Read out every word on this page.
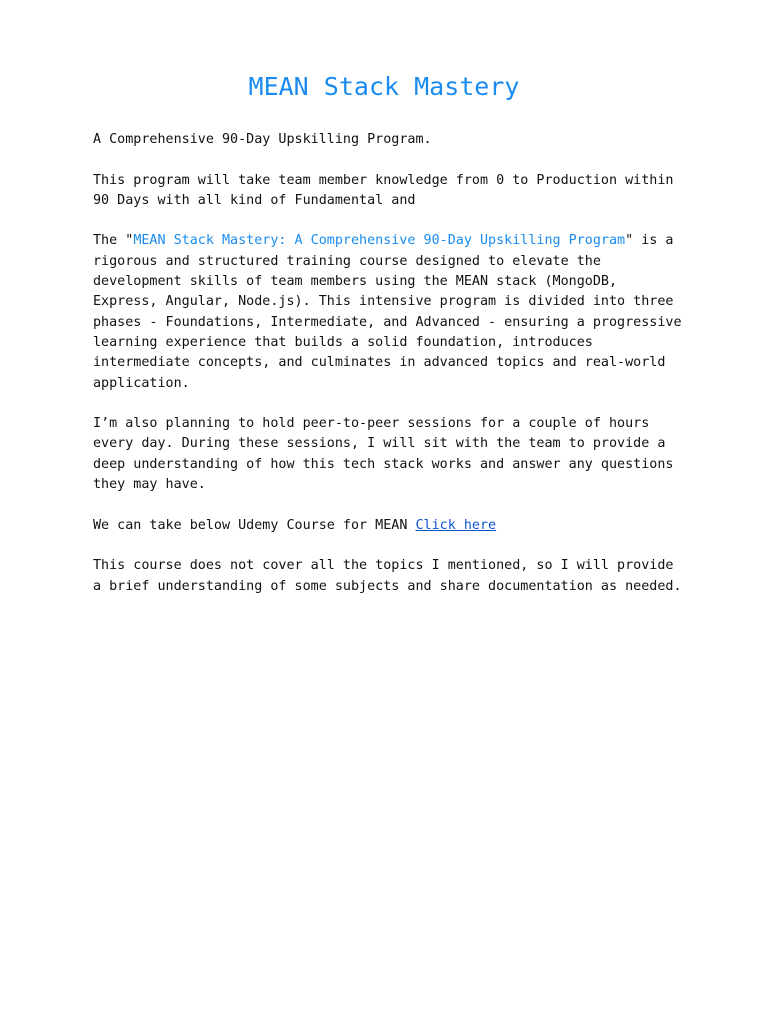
MEAN Stack Mastery

A Comprehensive 90-Day Upskilling Program.

This program will take team member knowledge from 0 to Production within 90 Days with all kind of Fundamental and

The "MEAN Stack Mastery: A Comprehensive 90-Day Upskilling Program" is a rigorous and structured training course designed to elevate the development skills of team members using the MEAN stack (MongoDB, Express, Angular, Node.js). This intensive program is divided into three phases - Foundations, Intermediate, and Advanced - ensuring a progressive learning experience that builds a solid foundation, introduces intermediate concepts, and culminates in advanced topics and real-world application.

I’m also planning to hold peer-to-peer sessions for a couple of hours every day. During these sessions, I will sit with the team to provide a deep understanding of how this tech stack works and answer any questions they may have.

We can take below Udemy Course for MEAN Click here

This course does not cover all the topics I mentioned, so I will provide a brief understanding of some subjects and share documentation as needed.
